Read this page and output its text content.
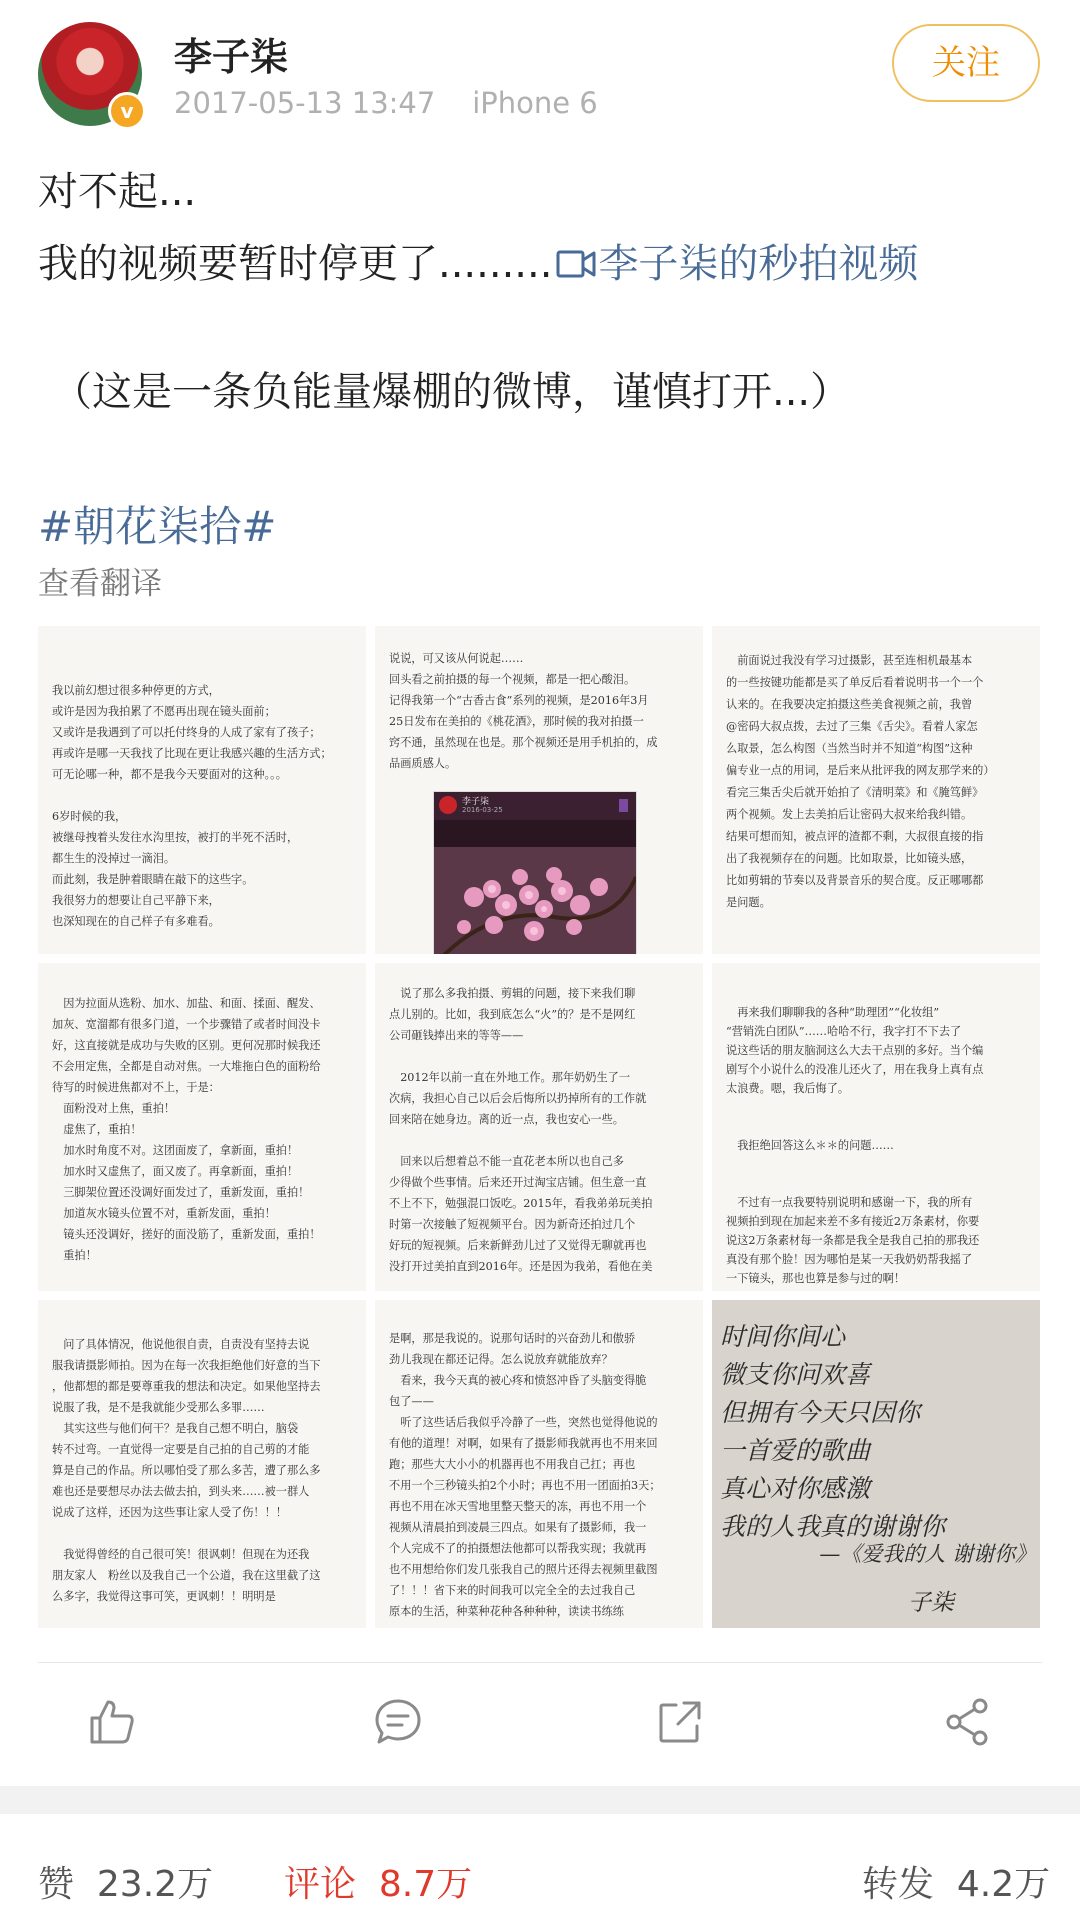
v
李子柒
2017-05-13 13:47 iPhone 6
关注
对不起...
我的视频要暂时停更了......... 李子柒的秒拍视频
（这是一条负能量爆棚的微博，谨慎打开...）
#朝花柒拾#
查看翻译
我以前幻想过很多种停更的方式，
或许是因为我拍累了不愿再出现在镜头面前；
又或许是我遇到了可以托付终身的人成了家有了孩子；
再或许是哪一天我找了比现在更让我感兴趣的生活方式；
可无论哪一种，都不是我今天要面对的这种。。。

6岁时候的我，
被继母拽着头发往水沟里按，被打的半死不活时，
都生生的没掉过一滴泪。
而此刻，我是肿着眼睛在敲下的这些字。
我很努力的想要让自己平静下来，
也深知现在的自己样子有多难看。
说说，可又该从何说起……
回头看之前拍摄的每一个视频，都是一把心酸泪。
记得我第一个“古香古食”系列的视频，是2016年3月
25日发布在美拍的《桃花酒》，那时候的我对拍摄一
窍不通，虽然现在也是。那个视频还是用手机拍的，成
品画质感人。
李子柒
2016-03-25
　前面说过我没有学习过摄影，甚至连相机最基本
的一些按键功能都是买了单反后看着说明书一个一个
认来的。在我要决定拍摄这些美食视频之前，我曾
@密码大叔点拨，去过了三集《舌尖》。看着人家怎
么取景，怎么构图（当然当时并不知道“构图”这种
偏专业一点的用词，是后来从批评我的网友那学来的）
看完三集舌尖后就开始拍了《清明菜》和《腌笃鲜》
两个视频。发上去美拍后让密码大叔来给我纠错。
结果可想而知，被点评的渣都不剩，大叔很直接的指
出了我视频存在的问题。比如取景，比如镜头感，
比如剪辑的节奏以及背景音乐的契合度。反正哪哪都
是问题。
　因为拉面从选粉、加水、加盐、和面、揉面、醒发、
加灰、宽溜都有很多门道，一个步骤错了或者时间没卡
好，这直接就是成功与失败的区别。更何况那时候我还
不会用定焦，全都是自动对焦。一大堆拖白色的面粉给
待写的时候进焦都对不上，于是：
　面粉没对上焦，重拍！
　虚焦了，重拍！
　加水时角度不对。这团面废了，拿新面，重拍！
　加水时又虚焦了，面又废了。再拿新面，重拍！
　三脚架位置还没调好面发过了，重新发面，重拍！
　加道灰水镜头位置不对，重新发面，重拍！
　镜头还没调好，搓好的面没筋了，重新发面，重拍！
　重拍！
　说了那么多我拍摄、剪辑的问题，接下来我们聊
点儿别的。比如，我到底怎么“火”的？是不是网红
公司砸钱捧出来的等等——

　2012年以前一直在外地工作。那年奶奶生了一
次病，我担心自己以后会后悔所以扔掉所有的工作就
回来陪在她身边。离的近一点，我也安心一些。

　回来以后想着总不能一直花老本所以也自己多
少得做个些事情。后来还开过淘宝店铺。但生意一直
不上不下，勉强混口饭吃。2015年，看我弟弟玩美拍
时第一次接触了短视频平台。因为新奇还拍过几个
好玩的短视频。后来新鲜劲儿过了又觉得无聊就再也
没打开过美拍直到2016年。还是因为我弟，看他在美
　再来我们聊聊我的各种“助理团”“化妆组”
“营销洗白团队”……哈哈不行，我字打不下去了
说这些话的朋友脑洞这么大去干点别的多好。当个编
剧写个小说什么的没准儿还火了，用在我身上真有点
太浪费。嗯，我后悔了。

　我拒绝回答这么＊＊的问题……

　不过有一点我要特别说明和感谢一下，我的所有
视频拍到现在加起来差不多有接近2万条素材，你要
说这2万条素材每一条都是我全是我自己拍的那我还
真没有那个脸！因为哪怕是某一天我奶奶帮我摇了
一下镜头，那也也算是参与过的啊！
　问了具体情况，他说他很自责，自责没有坚持去说
服我请摄影师拍。因为在每一次我拒绝他们好意的当下
，他都想的都是要尊重我的想法和决定。如果他坚持去
说服了我，是不是我就能少受那么多罪……
　其实这些与他们何干？是我自己想不明白，脑袋
转不过弯。一直觉得一定要是自己拍的自己剪的才能
算是自己的作品。所以哪怕受了那么多苦，遭了那么多
难也还是要想尽办法去做去拍，到头来……被一群人
说成了这样，还因为这些事让家人受了伤！！！

　我觉得曾经的自己很可笑！很讽刺！但现在为还我
朋友家人　粉丝以及我自己一个公道，我在这里截了这
么多字，我觉得这事可笑，更讽刺！！明明是
是啊，那是我说的。说那句话时的兴奋劲儿和傲骄
劲儿我现在都还记得。怎么说放弃就能放弃？
　看来，我今天真的被心疼和愤怒冲昏了头脑变得脆
包了——
　听了这些话后我似乎冷静了一些，突然也觉得他说的
有他的道理！对啊，如果有了摄影师我就再也不用来回
跑；那些大大小小的机器再也不用我自己扛；再也
不用一个三秒镜头拍2个小时；再也不用一团面拍3天；
再也不用在冰天雪地里整天整天的冻，再也不用一个
视频从清晨拍到凌晨三四点。如果有了摄影师，我一
个人完成不了的拍摄想法他都可以帮我实现；我就再
也不用想给你们发几张我自己的照片还得去视频里截图
了！！！省下来的时间我可以完全全的去过我自己
原本的生活，种菜种花种各种种种，读读书练练
时间你间心
微支你问欢喜
但拥有今天只因你
一首爱的歌曲
真心对你感激
我的人我真的谢谢你
—《爱我的人 谢谢你》
子柒
赞  23.2万 评论  8.7万	转发  4.2万
